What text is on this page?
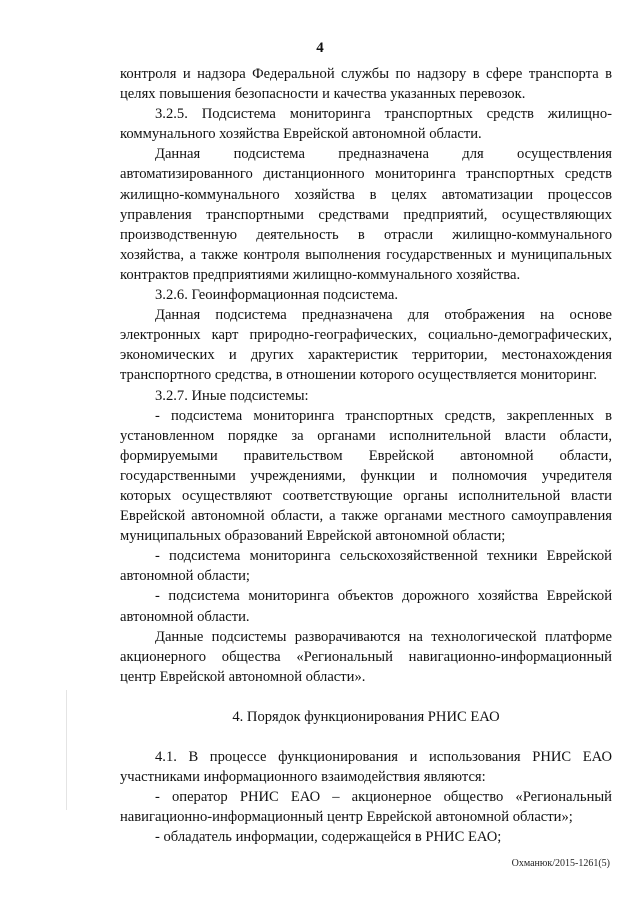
4

контроля и надзора Федеральной службы по надзору в сфере транспорта в целях повышения безопасности и качества указанных перевозок.

3.2.5. Подсистема мониторинга транспортных средств жилищно-коммунального хозяйства Еврейской автономной области.

Данная подсистема предназначена для осуществления автоматизированного дистанционного мониторинга транспортных средств жилищно-коммунального хозяйства в целях автоматизации процессов управления транспортными средствами предприятий, осуществляющих производственную деятельность в отрасли жилищно-коммунального хозяйства, а также контроля выполнения государственных и муниципальных контрактов предприятиями жилищно-коммунального хозяйства.

3.2.6. Геоинформационная подсистема.

Данная подсистема предназначена для отображения на основе электронных карт природно-географических, социально-демографических, экономических и других характеристик территории, местонахождения транспортного средства, в отношении которого осуществляется мониторинг.

3.2.7. Иные подсистемы:

- подсистема мониторинга транспортных средств, закрепленных в установленном порядке за органами исполнительной власти области, формируемыми правительством Еврейской автономной области, государственными учреждениями, функции и полномочия учредителя которых осуществляют соответствующие органы исполнительной власти Еврейской автономной области, а также органами местного самоуправления муниципальных образований Еврейской автономной области;

- подсистема мониторинга сельскохозяйственной техники Еврейской автономной области;

- подсистема мониторинга объектов дорожного хозяйства Еврейской автономной области.

Данные подсистемы разворачиваются на технологической платформе акционерного общества «Региональный навигационно-информационный центр Еврейской автономной области».

4. Порядок функционирования РНИС ЕАО

4.1. В процессе функционирования и использования РНИС ЕАО участниками информационного взаимодействия являются:

- оператор РНИС ЕАО – акционерное общество «Региональный навигационно-информационный центр Еврейской автономной области»;

- обладатель информации, содержащейся в РНИС ЕАО;

Охманюк/2015-1261(5)
